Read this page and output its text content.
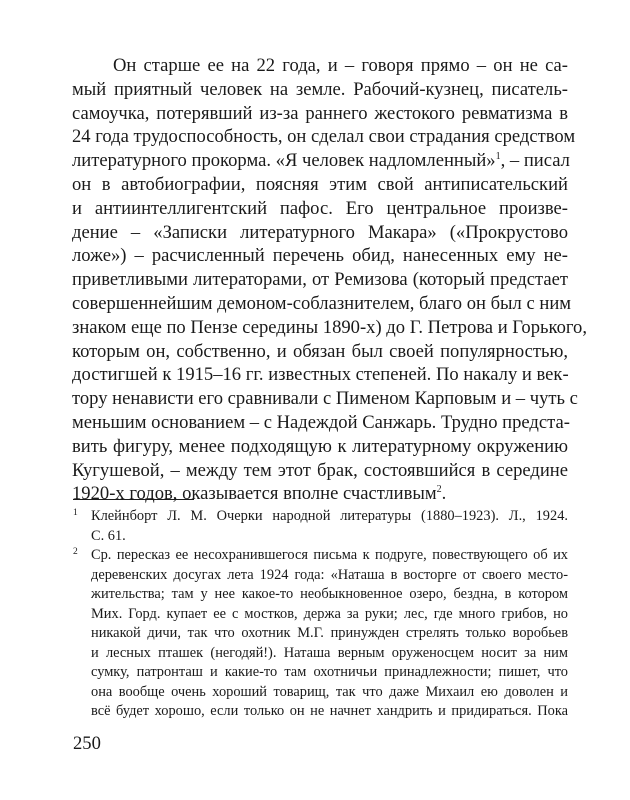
Он старше ее на 22 года, и – говоря прямо – он не са-
мый приятный человек на земле. Рабочий-кузнец, писатель-
самоучка, потерявший из-за раннего жестокого ревматизма в
24 года трудоспособность, он сделал свои страдания средством
литературного прокорма. «Я человек надломленный»$^1$, – писал
он в автобиографии, поясняя этим свой антиписательский
и антиинтеллигентский пафос. Его центральное произве-
дение – «Записки литературного Макара» («Прокрустово
ложе») – расчисленный перечень обид, нанесенных ему не-
приветливыми литераторами, от Ремизова (который предстает
совершеннейшим демоном-соблазнителем, благо он был с ним
знаком еще по Пензе середины 1890-х) до Г. Петрова и Горького,
которым он, собственно, и обязан был своей популярностью,
достигшей к 1915–16 гг. известных степеней. По накалу и век-
тору ненависти его сравнивали с Пименом Карповым и – чуть с
меньшим основанием – с Надеждой Санжарь. Трудно предста-
вить фигуру, менее подходящую к литературному окружению
Кугушевой, – между тем этот брак, состоявшийся в середине
1920-х годов, оказывается вполне счастливым$^2$.
1 Клейнборт Л. М. Очерки народной литературы (1880–1923). Л., 1924.
С. 61.
2 Ср. пересказ ее несохранившегося письма к подруге, повествующего об их
деревенских досугах лета 1924 года: «Наташа в восторге от своего место-
жительства; там у нее какое-то необыкновенное озеро, бездна, в котором
Мих. Горд. купает ее с мостков, держа за руки; лес, где много грибов, но
никакой дичи, так что охотник М.Г. принужден стрелять только воробьев
и лесных пташек (негодяй!). Наташа верным оруженосцем носит за ним
сумку, патронташ и какие-то там охотничьи принадлежности; пишет, что
она вообще очень хороший товарищ, так что даже Михаил ею доволен и
всё будет хорошо, если только он не начнет хандрить и придираться. Пока
250
